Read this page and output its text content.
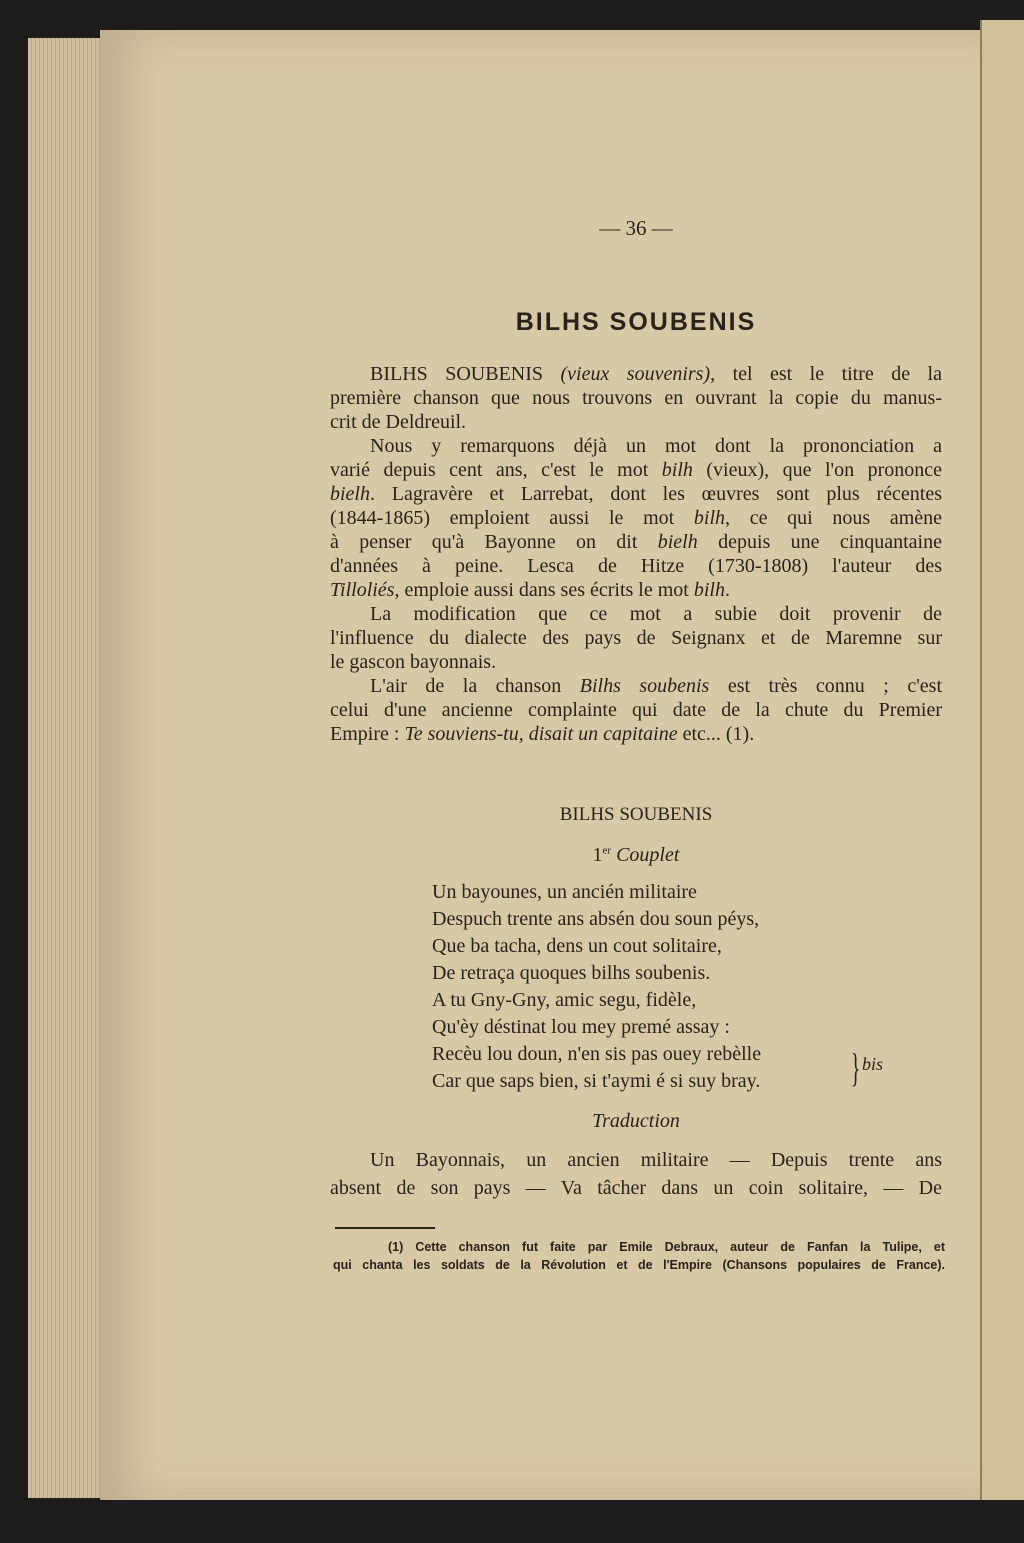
— 36 —
BILHS SOUBENIS
BILHS SOUBENIS (vieux souvenirs), tel est le titre de la
première chanson que nous trouvons en ouvrant la copie du manus-
crit de Deldreuil.
Nous y remarquons déjà un mot dont la prononciation a
varié depuis cent ans, c'est le mot bilh (vieux), que l'on prononce
bielh. Lagravère et Larrebat, dont les œuvres sont plus récentes
(1844-1865) emploient aussi le mot bilh, ce qui nous amène
à penser qu'à Bayonne on dit bielh depuis une cinquantaine
d'années à peine. Lesca de Hitze (1730-1808) l'auteur des
Tilloliés, emploie aussi dans ses écrits le mot bilh.
La modification que ce mot a subie doit provenir de
l'influence du dialecte des pays de Seignanx et de Maremne sur
le gascon bayonnais.
L'air de la chanson Bilhs soubenis est très connu ; c'est
celui d'une ancienne complainte qui date de la chute du Premier
Empire : Te souviens-tu, disait un capitaine etc... (1).
BILHS SOUBENIS
1er Couplet
Un bayounes, un ancién militaire
Despuch trente ans absén dou soun péys,
Que ba tacha, dens un cout solitaire,
De retraça quoques bilhs soubenis.
A tu Gny-Gny, amic segu, fidèle,
Qu'èy déstinat lou mey premé assay :
Recèu lou doun, n'en sis pas ouey rebèlle
Car que saps bien, si t'aymi é si suy bray. } bis
Traduction
Un Bayonnais, un ancien militaire — Depuis trente ans
absent de son pays — Va tâcher dans un coin solitaire, — De
(1) Cette chanson fut faite par Emile Debraux, auteur de Fanfan la Tulipe, et
qui chanta les soldats de la Révolution et de l'Empire (Chansons populaires de France).
